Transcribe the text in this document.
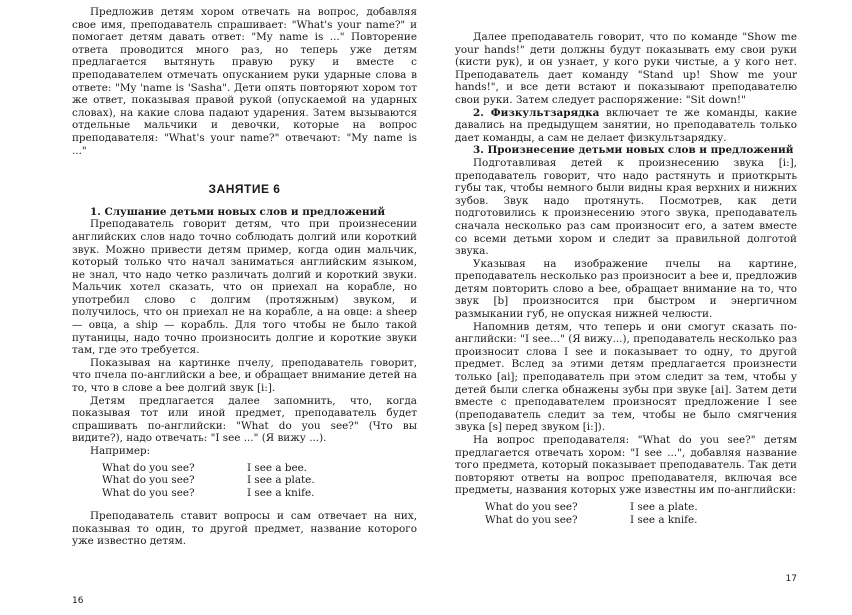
Предложив детям хором отвечать на вопрос, добавляя свое имя, преподаватель спрашивает: "What's your name?" и помогает детям давать ответ: "My name is ..." Повторение ответа проводится много раз, но теперь уже детям предлагается вытянуть правую руку и вместе с преподавателем отмечать опусканием руки ударные слова в ответе: "My 'name is 'Sasha". Дети опять повторяют хором тот же ответ, показывая правой рукой (опускаемой на ударных словах), на какие слова падают ударения. Затем вызываются отдельные мальчики и девочки, которые на вопрос преподавателя: "What's your name?" отвечают: "My name is ..."

ЗАНЯТИЕ 6

1. Слушание детьми новых слов и предложений

Преподаватель говорит детям, что при произнесении английских слов надо точно соблюдать долгий или короткий звук. Можно привести детям пример, когда один мальчик, который только что начал заниматься английским языком, не знал, что надо четко различать долгий и короткий звуки. Мальчик хотел сказать, что он приехал на корабле, но употребил слово с долгим (протяжным) звуком, и получилось, что он приехал не на корабле, а на овце: a sheep — овца, a ship — корабль. Для того чтобы не было такой путаницы, надо точно произносить долгие и короткие звуки там, где это требуется.

Показывая на картинке пчелу, преподаватель говорит, что пчела по-английски a bee, и обращает внимание детей на то, что в слове a bee долгий звук [i:].

Детям предлагается далее запомнить, что, когда показывая тот или иной предмет, преподаватель будет спрашивать по-английски: "What do you see?" (Что вы видите?), надо отвечать: "I see ..." (Я вижу ...).

Например:

What do you see?	I see a bee.
What do you see?	I see a plate.
What do you see?	I see a knife.

Преподаватель ставит вопросы и сам отвечает на них, показывая то один, то другой предмет, название которого уже известно детям.

16

Далее преподаватель говорит, что по команде "Show me your hands!" дети должны будут показывать ему свои руки (кисти рук), и он узнает, у кого руки чистые, а у кого нет. Преподаватель дает команду "Stand up! Show me your hands!", и все дети встают и показывают преподавателю свои руки. Затем следует распоряжение: "Sit down!"

2. Физкультзарядка включает те же команды, какие давались на предыдущем занятии, но преподаватель только дает команды, а сам не делает физкультзарядку.

3. Произнесение детьми новых слов и предложений

Подготавливая детей к произнесению звука [i:], преподаватель говорит, что надо растянуть и приоткрыть губы так, чтобы немного были видны края верхних и нижних зубов. Звук надо протянуть. Посмотрев, как дети подготовились к произнесению этого звука, преподаватель сначала несколько раз сам произносит его, а затем вместе со всеми детьми хором и следит за правильной долготой звука.

Указывая на изображение пчелы на картине, преподаватель несколько раз произносит a bee и, предложив детям повторить слово a bee, обращает внимание на то, что звук [b] произносится при быстром и энергичном размыкании губ, не опуская нижней челюсти.

Напомнив детям, что теперь и они смогут сказать по-английски: "I see..." (Я вижу...), преподаватель несколько раз произносит слова I see и показывает то одну, то другой предмет. Вслед за этими детям предлагается произнести только [ai]; преподаватель при этом следит за тем, чтобы у детей были слегка обнажены зубы при звуке [ai]. Затем дети вместе с преподавателем произносят предложение I see (преподаватель следит за тем, чтобы не было смягчения звука [s] перед звуком [i:]).

На вопрос преподавателя: "What do you see?" детям предлагается отвечать хором: "I see ...", добавляя название того предмета, который показывает преподаватель. Так дети повторяют ответы на вопрос преподавателя, включая все предметы, названия которых уже известны им по-английски:

What do you see?	I see a plate.
What do you see?	I see a knife.
17
